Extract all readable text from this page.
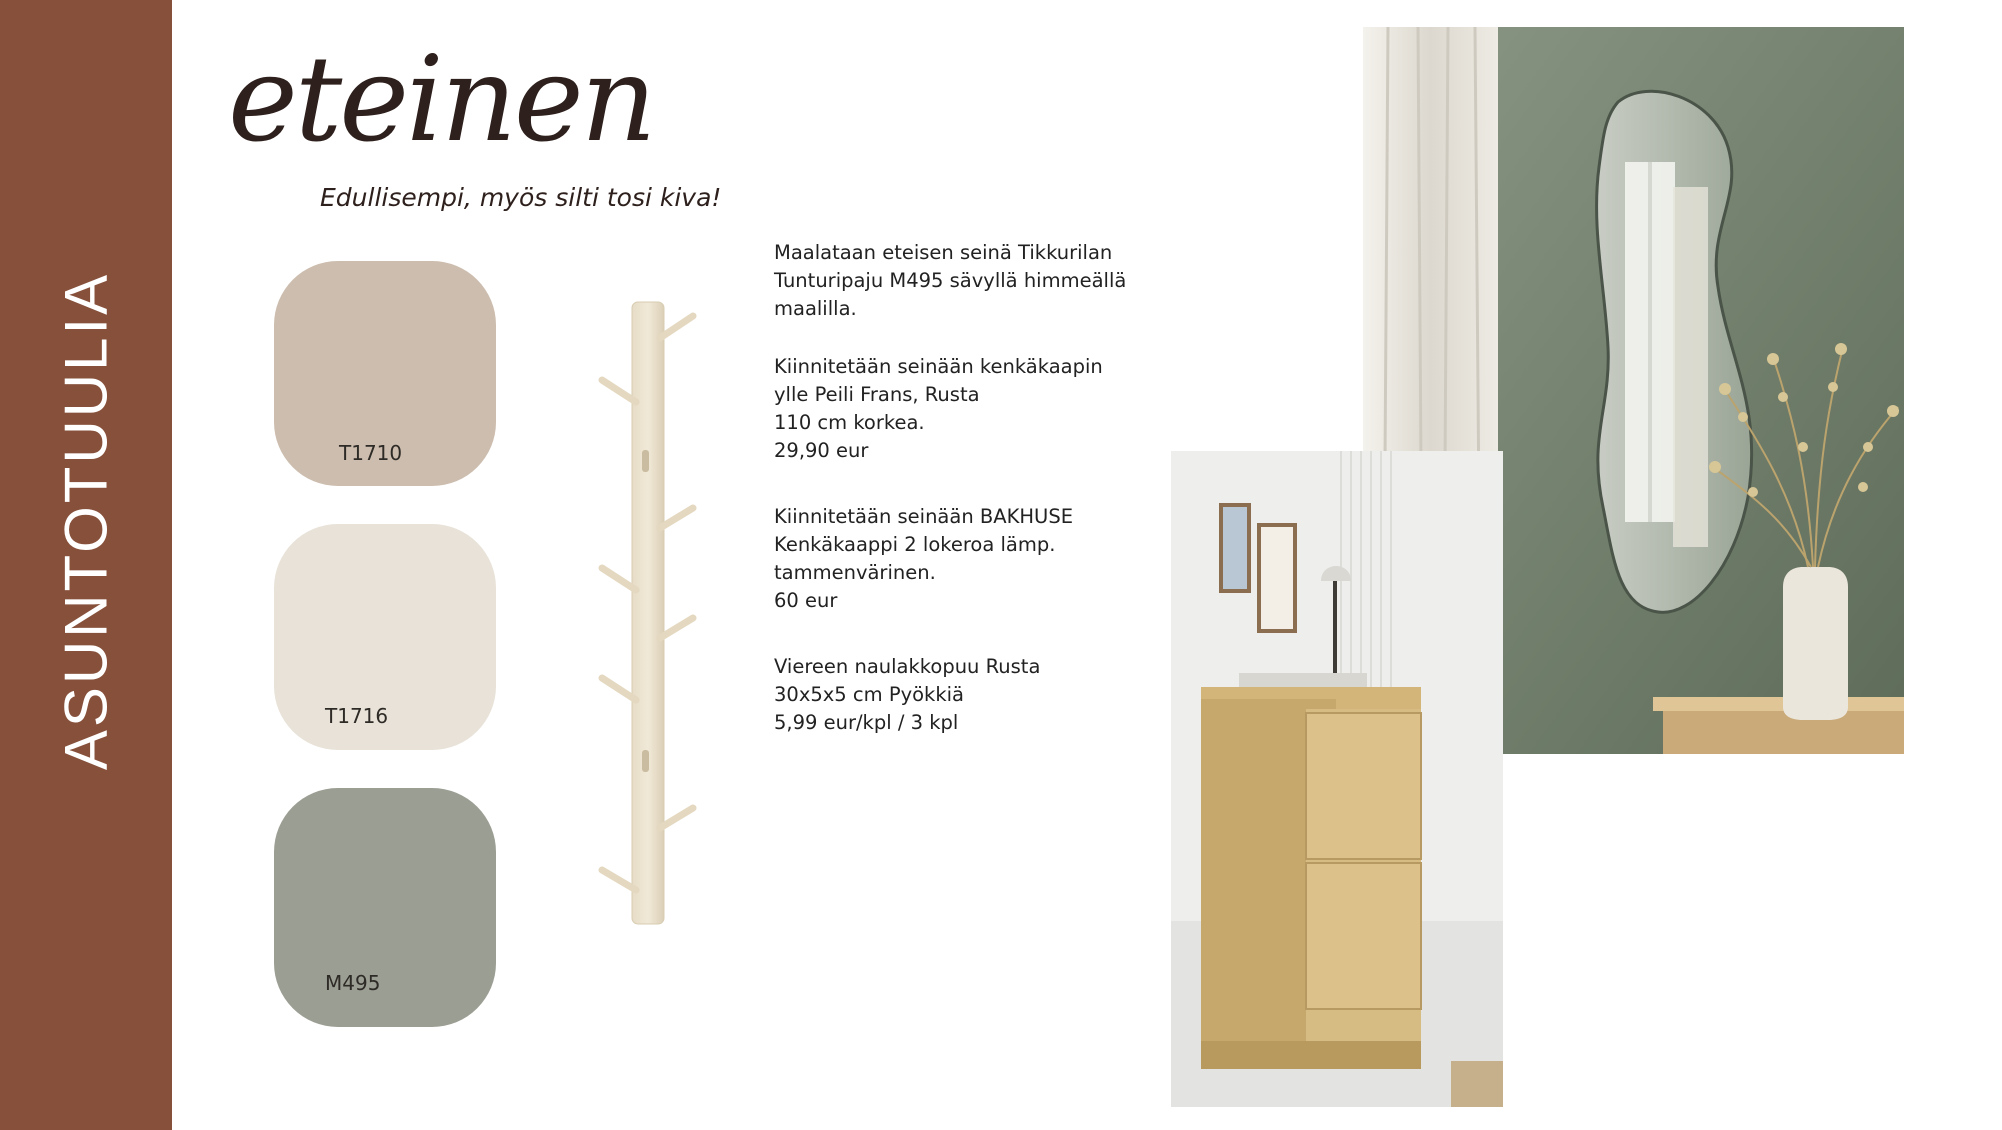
ASUNTOTUULIA
eteinen
Edullisempi, myös silti tosi kiva!
T1710
T1716
M495
Maalataan eteisen seinä Tikkurilan
Tunturipaju M495 sävyllä himmeällä
maalilla.
Kiinnitetään seinään kenkäkaapin
ylle Peili Frans, Rusta
110 cm korkea.
29,90 eur
Kiinnitetään seinään BAKHUSE
Kenkäkaappi 2 lokeroa lämp.
tammenvärinen.
60 eur
Viereen naulakkopuu Rusta
30x5x5 cm Pyökkiä
5,99 eur/kpl / 3 kpl
